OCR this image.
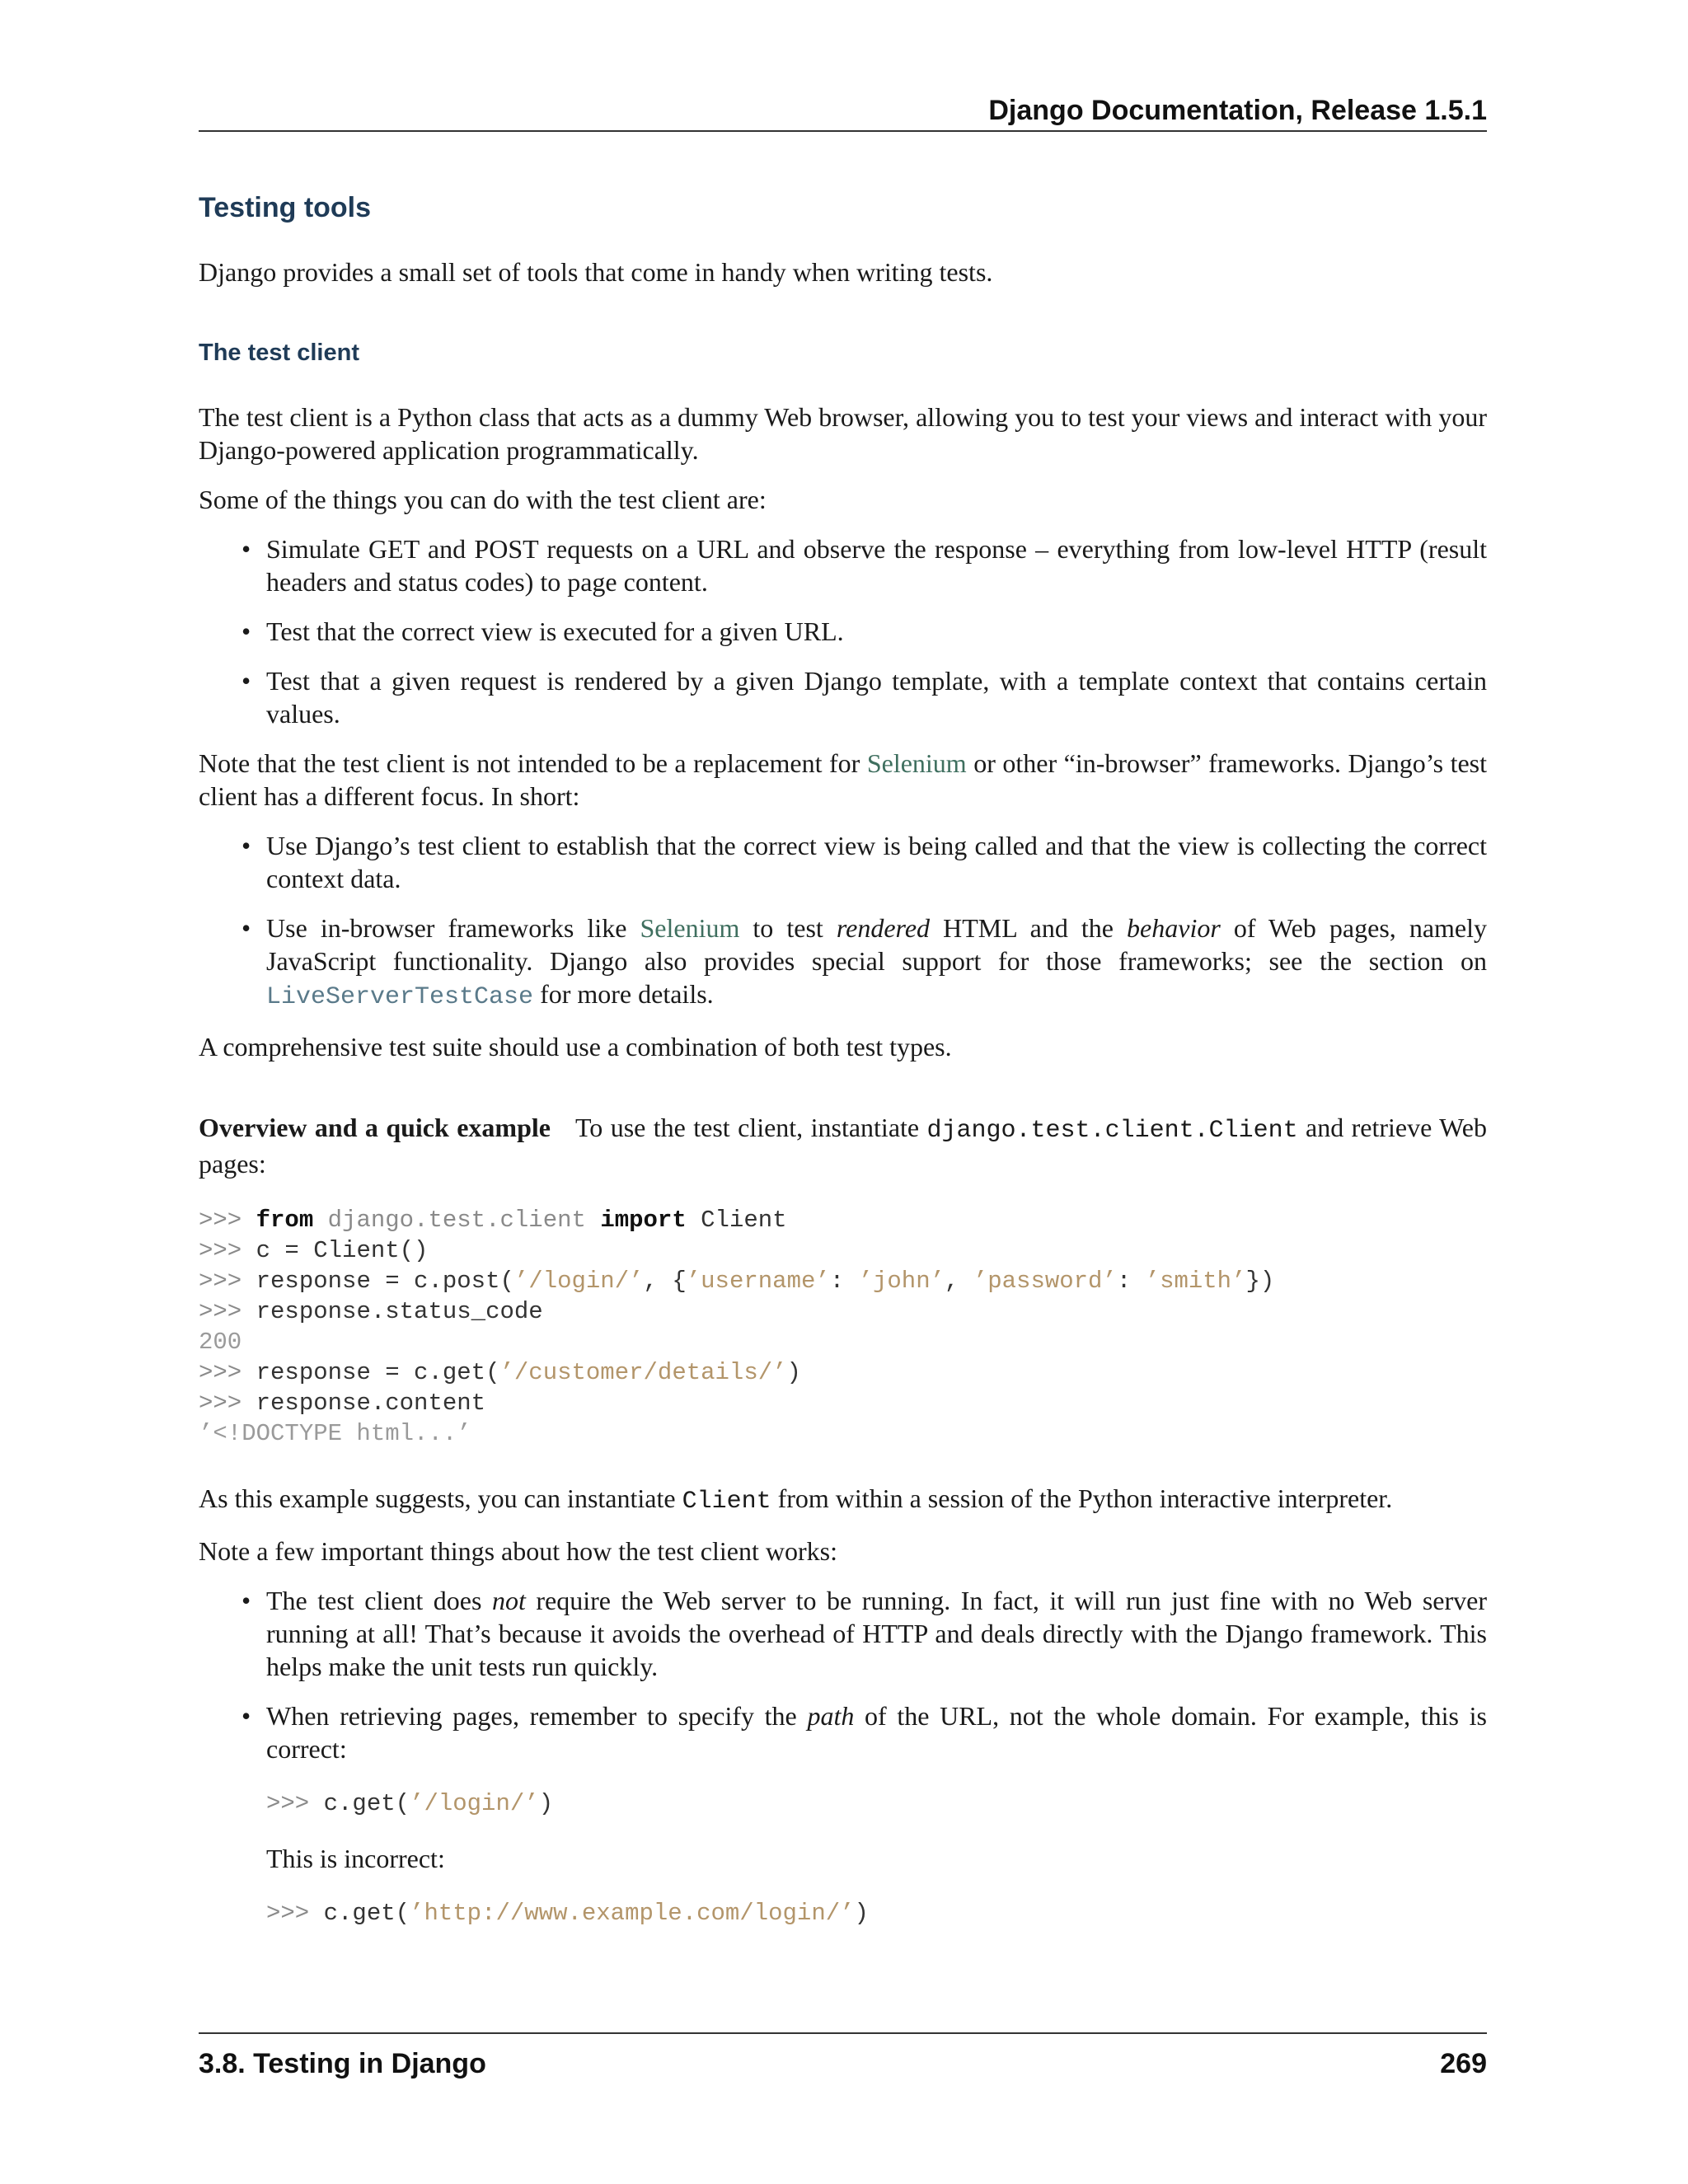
Django Documentation, Release 1.5.1
Testing tools

Django provides a small set of tools that come in handy when writing tests.

The test client

The test client is a Python class that acts as a dummy Web browser, allowing you to test your views and interact with your Django-powered application programmatically.

Some of the things you can do with the test client are:

• Simulate GET and POST requests on a URL and observe the response – everything from low-level HTTP (result headers and status codes) to page content.
• Test that the correct view is executed for a given URL.
• Test that a given request is rendered by a given Django template, with a template context that contains certain values.

Note that the test client is not intended to be a replacement for Selenium or other “in-browser” frameworks. Django’s test client has a different focus. In short:

• Use Django’s test client to establish that the correct view is being called and that the view is collecting the correct context data.
• Use in-browser frameworks like Selenium to test rendered HTML and the behavior of Web pages, namely JavaScript functionality. Django also provides special support for those frameworks; see the section on LiveServerTestCase for more details.

A comprehensive test suite should use a combination of both test types.

Overview and a quick example To use the test client, instantiate django.test.client.Client and retrieve Web pages:

>>> from django.test.client import Client
>>> c = Client()
>>> response = c.post(’/login/’, {’username’: ’john’, ’password’: ’smith’})
>>> response.status_code
200
>>> response = c.get(’/customer/details/’)
>>> response.content
’<!DOCTYPE html...’

As this example suggests, you can instantiate Client from within a session of the Python interactive interpreter.

Note a few important things about how the test client works:

• The test client does not require the Web server to be running. In fact, it will run just fine with no Web server running at all! That’s because it avoids the overhead of HTTP and deals directly with the Django framework. This helps make the unit tests run quickly.

• When retrieving pages, remember to specify the path of the URL, not the whole domain. For example, this is correct:

>>> c.get(’/login/’)

This is incorrect:

>>> c.get(’http://www.example.com/login/’)
3.8. Testing in Django	269
